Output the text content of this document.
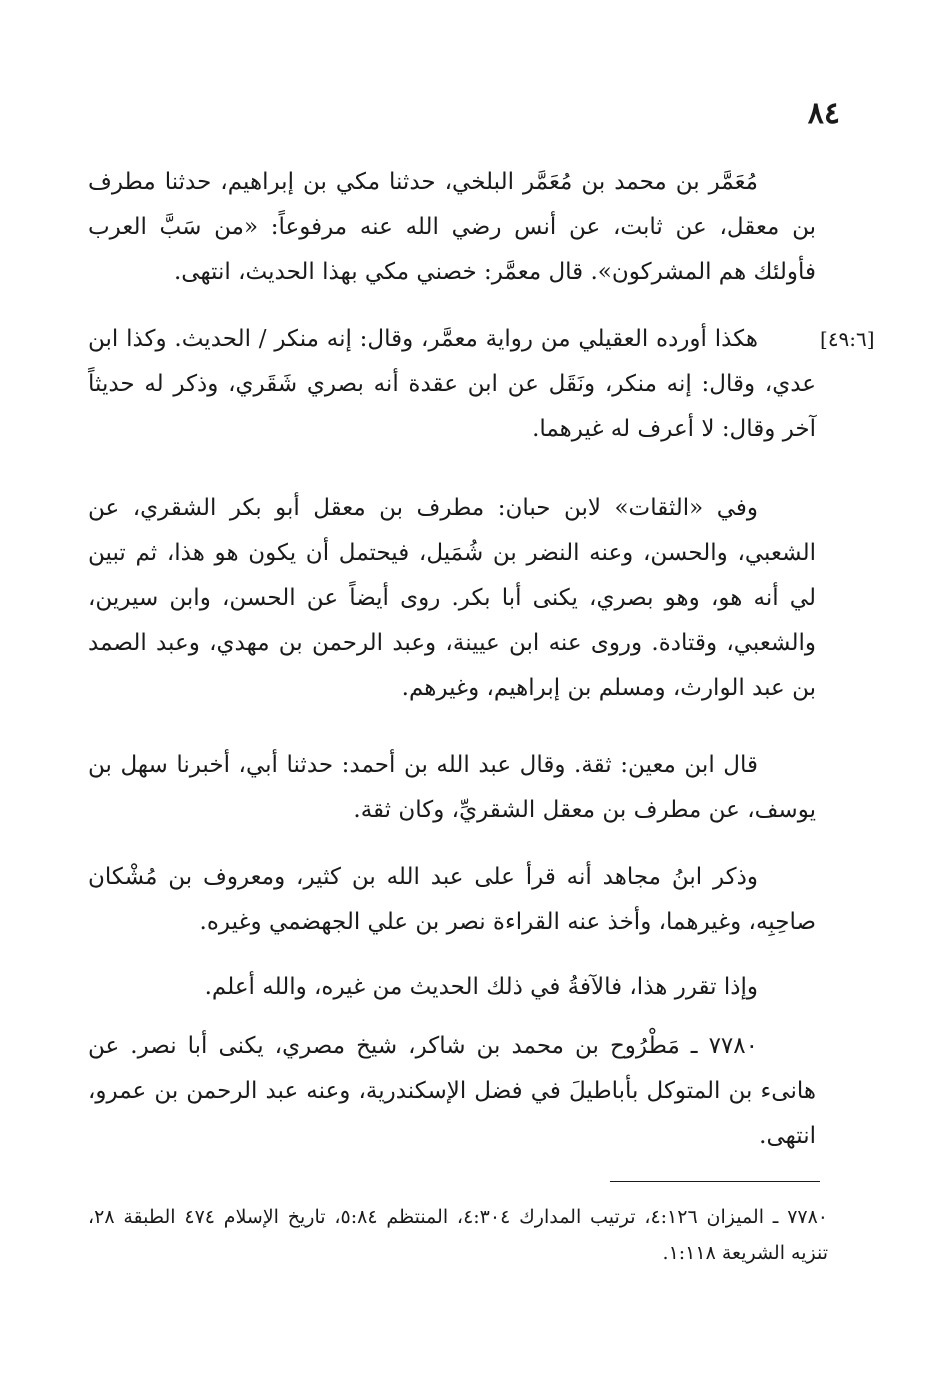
٨٤
[٤٩:٦]

مُعَمَّر بن محمد بن مُعَمَّر البلخي، حدثنا مكي بن إبراهيم، حدثنا مطرف بن معقل، عن ثابت، عن أنس رضي الله عنه مرفوعاً: «من سَبَّ العرب فأولئك هم المشركون». قال معمَّر: خصني مكي بهذا الحديث، انتهى.

هكذا أورده العقيلي من رواية معمَّر، وقال: إنه منكر / الحديث. وكذا ابن عدي، وقال: إنه منكر، ونَقَل عن ابن عقدة أنه بصري شَقَري، وذكر له حديثاً آخر وقال: لا أعرف له غيرهما.

وفي «الثقات» لابن حبان: مطرف بن معقل أبو بكر الشقري، عن الشعبي، والحسن، وعنه النضر بن شُمَيل، فيحتمل أن يكون هو هذا، ثم تبين لي أنه هو، وهو بصري، يكنى أبا بكر. روى أيضاً عن الحسن، وابن سيرين، والشعبي، وقتادة. وروى عنه ابن عيينة، وعبد الرحمن بن مهدي، وعبد الصمد بن عبد الوارث، ومسلم بن إبراهيم، وغيرهم.

قال ابن معين: ثقة. وقال عبد الله بن أحمد: حدثنا أبي، أخبرنا سهل بن يوسف، عن مطرف بن معقل الشقريِّ، وكان ثقة.

وذكر ابنُ مجاهد أنه قرأ على عبد الله بن كثير، ومعروف بن مُشْكان صاحِبِه، وغيرهما، وأخذ عنه القراءة نصر بن علي الجهضمي وغيره.

وإذا تقرر هذا، فالآفةُ في ذلك الحديث من غيره، والله أعلم.

٧٧٨٠ ـ مَطْرُوح بن محمد بن شاكر، شيخ مصري، يكنى أبا نصر. عن هانىء بن المتوكل بأباطيلَ في فضل الإسكندرية، وعنه عبد الرحمن بن عمرو، انتهى.

٧٧٨٠ ـ الميزان ٤:١٢٦، ترتيب المدارك ٤:٣٠٤، المنتظم ٥:٨٤، تاريخ الإسلام ٤٧٤ الطبقة ٢٨، تنزيه الشريعة ١:١١٨.
